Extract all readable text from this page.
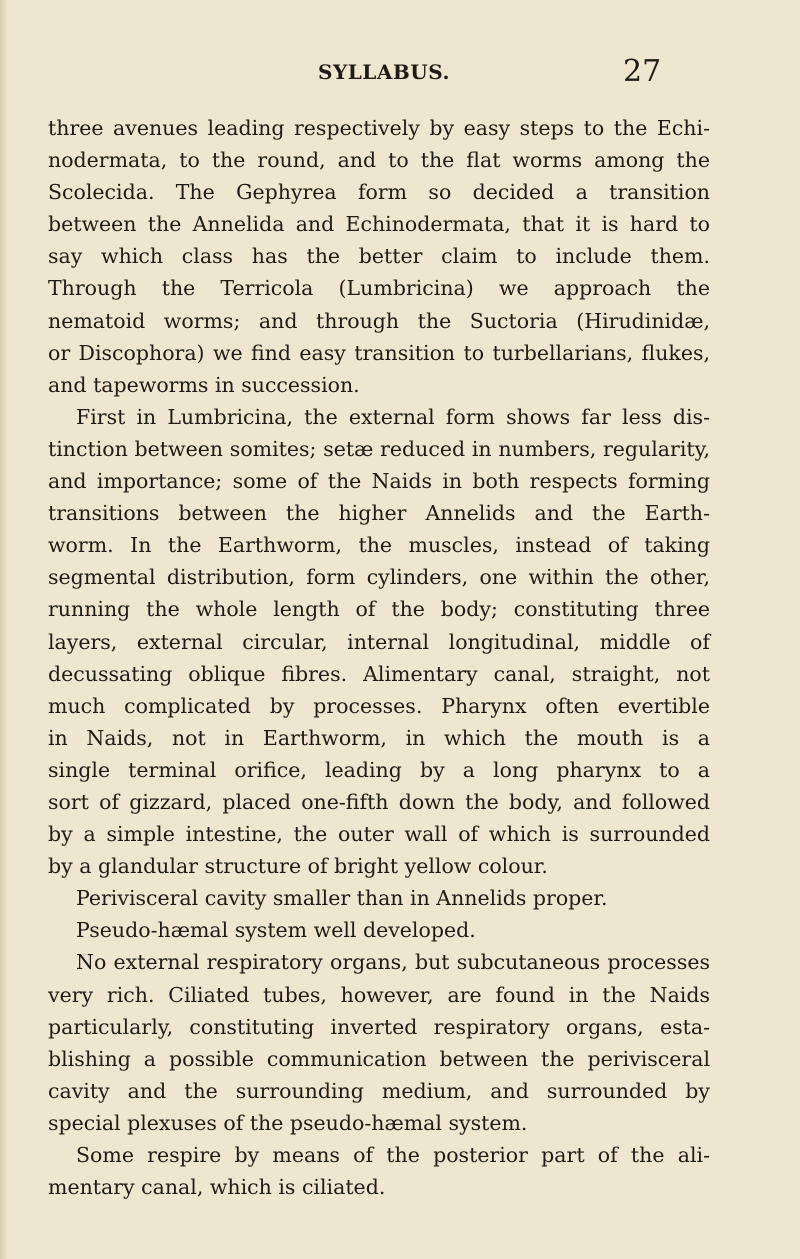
SYLLABUS.	27
three avenues leading respectively by easy steps to the Echi-
nodermata, to the round, and to the flat worms among the
Scolecida. The Gephyrea form so decided a transition
between the Annelida and Echinodermata, that it is hard to
say which class has the better claim to include them.
Through the Terricola (Lumbricina) we approach the
nematoid worms; and through the Suctoria (Hirudinidæ,
or Discophora) we find easy transition to turbellarians, flukes,
and tapeworms in succession.
First in Lumbricina, the external form shows far less dis-
tinction between somites; setæ reduced in numbers, regularity,
and importance; some of the Naids in both respects forming
transitions between the higher Annelids and the Earth-
worm. In the Earthworm, the muscles, instead of taking
segmental distribution, form cylinders, one within the other,
running the whole length of the body; constituting three
layers, external circular, internal longitudinal, middle of
decussating oblique fibres. Alimentary canal, straight, not
much complicated by processes. Pharynx often evertible
in Naids, not in Earthworm, in which the mouth is a
single terminal orifice, leading by a long pharynx to a
sort of gizzard, placed one-fifth down the body, and followed
by a simple intestine, the outer wall of which is surrounded
by a glandular structure of bright yellow colour.
Perivisceral cavity smaller than in Annelids proper.
Pseudo-hæmal system well developed.
No external respiratory organs, but subcutaneous processes
very rich. Ciliated tubes, however, are found in the Naids
particularly, constituting inverted respiratory organs, esta-
blishing a possible communication between the perivisceral
cavity and the surrounding medium, and surrounded by
special plexuses of the pseudo-hæmal system.
Some respire by means of the posterior part of the ali-
mentary canal, which is ciliated.
